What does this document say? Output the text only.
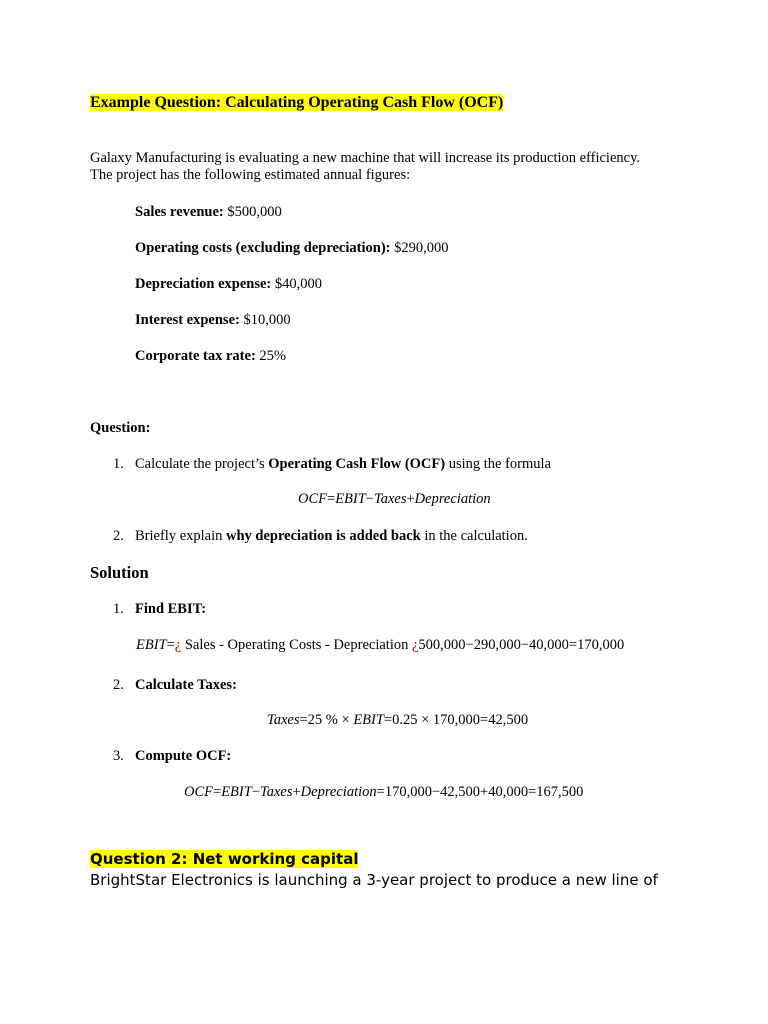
Example Question: Calculating Operating Cash Flow (OCF)
Galaxy Manufacturing is evaluating a new machine that will increase its production efficiency.
The project has the following estimated annual figures:
Sales revenue: $500,000
Operating costs (excluding depreciation): $290,000
Depreciation expense: $40,000
Interest expense: $10,000
Corporate tax rate: 25%
Question:
1. Calculate the project’s Operating Cash Flow (OCF) using the formula
OCF=EBIT−Taxes+Depreciation
2. Briefly explain why depreciation is added back in the calculation.
Solution
1. Find EBIT:
EBIT=¿ Sales - Operating Costs - Depreciation ¿500,000−290,000−40,000=170,000
2. Calculate Taxes:
Taxes=25 % × EBIT=0.25 × 170,000=42,500
3. Compute OCF:
OCF=EBIT−Taxes+Depreciation=170,000−42,500+40,000=167,500
Question 2: Net working capital
BrightStar Electronics is launching a 3-year project to produce a new line of
